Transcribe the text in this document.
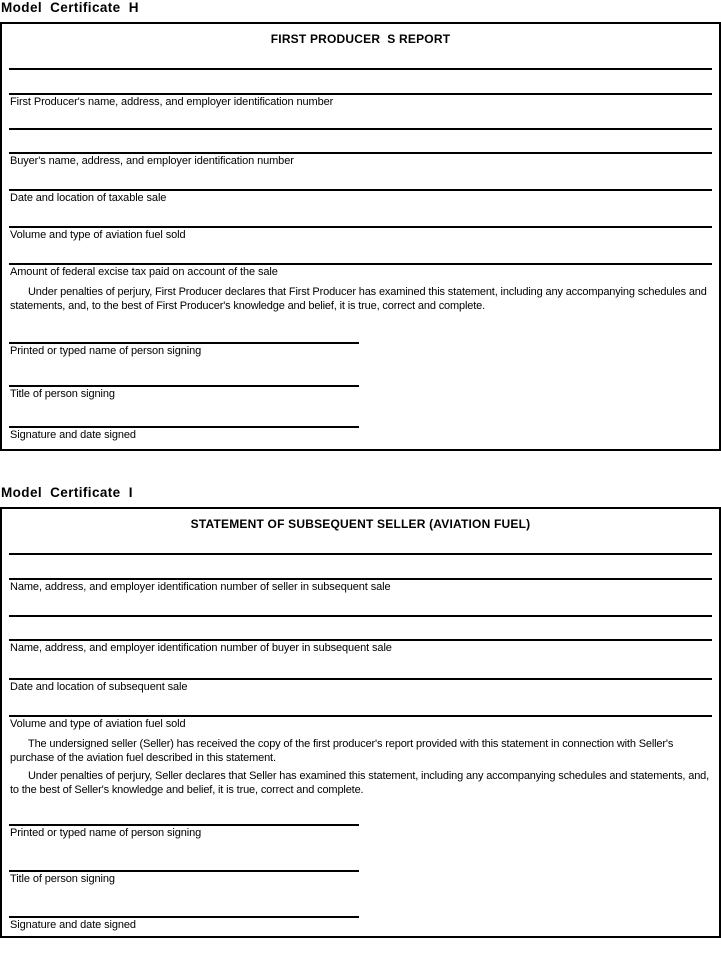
Model Certificate H
FIRST PRODUCER  S REPORT
First Producer's name, address, and employer identification number
Buyer's name, address, and employer identification number
Date and location of taxable sale
Volume and type of aviation fuel sold
Amount of federal excise tax paid on account of the sale
Under penalties of perjury, First Producer declares that First Producer has examined this statement, including any accompanying schedules and statements, and, to the best of First Producer's knowledge and belief, it is true, correct and complete.
Printed or typed name of person signing
Title of person signing
Signature and date signed
Model Certificate I
STATEMENT OF SUBSEQUENT SELLER (AVIATION FUEL)
Name, address, and employer identification number of seller in subsequent sale
Name, address, and employer identification number of buyer in subsequent sale
Date and location of subsequent sale
Volume and type of aviation fuel sold
The undersigned seller (Seller) has received the copy of the first producer's report provided with this statement in connection with Seller's purchase of the aviation fuel described in this statement.
Under penalties of perjury, Seller declares that Seller has examined this statement, including any accompanying schedules and statements, and, to the best of Seller's knowledge and belief, it is true, correct and complete.
Printed or typed name of person signing
Title of person signing
Signature and date signed
